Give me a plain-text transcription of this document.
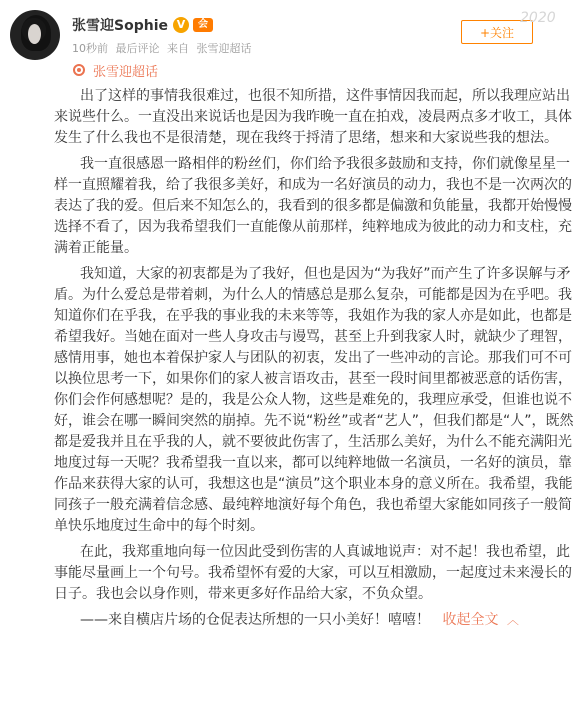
张雪迎Sophie V	会
10秒前 最后评论 来自 张雪迎超话
+关注
2020
张雪迎超话

出了这样的事情我很难过，也很不知所措，这件事情因我而起，所以我理应站出来说些什么。一直没出来说话也是因为我昨晚一直在拍戏，凌晨两点多才收工，具体发生了什么我也不是很清楚，现在我终于捋清了思绪，想来和大家说些我的想法。

我一直很感恩一路相伴的粉丝们，你们给予我很多鼓励和支持，你们就像星星一样一直照耀着我，给了我很多美好，和成为一名好演员的动力，我也不是一次两次的表达了我的爱。但后来不知怎么的，我看到的很多都是偏激和负能量，我都开始慢慢选择不看了，因为我希望我们一直能像从前那样，纯粹地成为彼此的动力和支柱，充满着正能量。

我知道，大家的初衷都是为了我好，但也是因为“为我好”而产生了许多误解与矛盾。为什么爱总是带着刺，为什么人的情感总是那么复杂，可能都是因为在乎吧。我知道你们在乎我，在乎我的事业我的未来等等，我姐作为我的家人亦是如此，也都是希望我好。当她在面对一些人身攻击与谩骂，甚至上升到我家人时，就缺少了理智，感情用事，她也本着保护家人与团队的初衷，发出了一些冲动的言论。那我们可不可以换位思考一下，如果你们的家人被言语攻击，甚至一段时间里都被恶意的话伤害，你们会作何感想呢？是的，我是公众人物，这些是难免的，我理应承受，但谁也说不好，谁会在哪一瞬间突然的崩掉。先不说“粉丝”或者“艺人”，但我们都是“人”，既然都是爱我并且在乎我的人，就不要彼此伤害了，生活那么美好，为什么不能充满阳光地度过每一天呢？我希望我一直以来，都可以纯粹地做一名演员，一名好的演员，靠作品来获得大家的认可，我想这也是“演员”这个职业本身的意义所在。我希望，我能同孩子一般充满着信念感、最纯粹地演好每个角色，我也希望大家能如同孩子一般简单快乐地度过生命中的每个时刻。

在此，我郑重地向每一位因此受到伤害的人真诚地说声：对不起！我也希望，此事能尽量画上一个句号。我希望怀有爱的大家，可以互相激励，一起度过未来漫长的日子。我也会以身作则，带来更多好作品给大家，不负众望。

——来自横店片场的仓促表达所想的一只小美好！嘻嘻！ 收起全文 ︿
